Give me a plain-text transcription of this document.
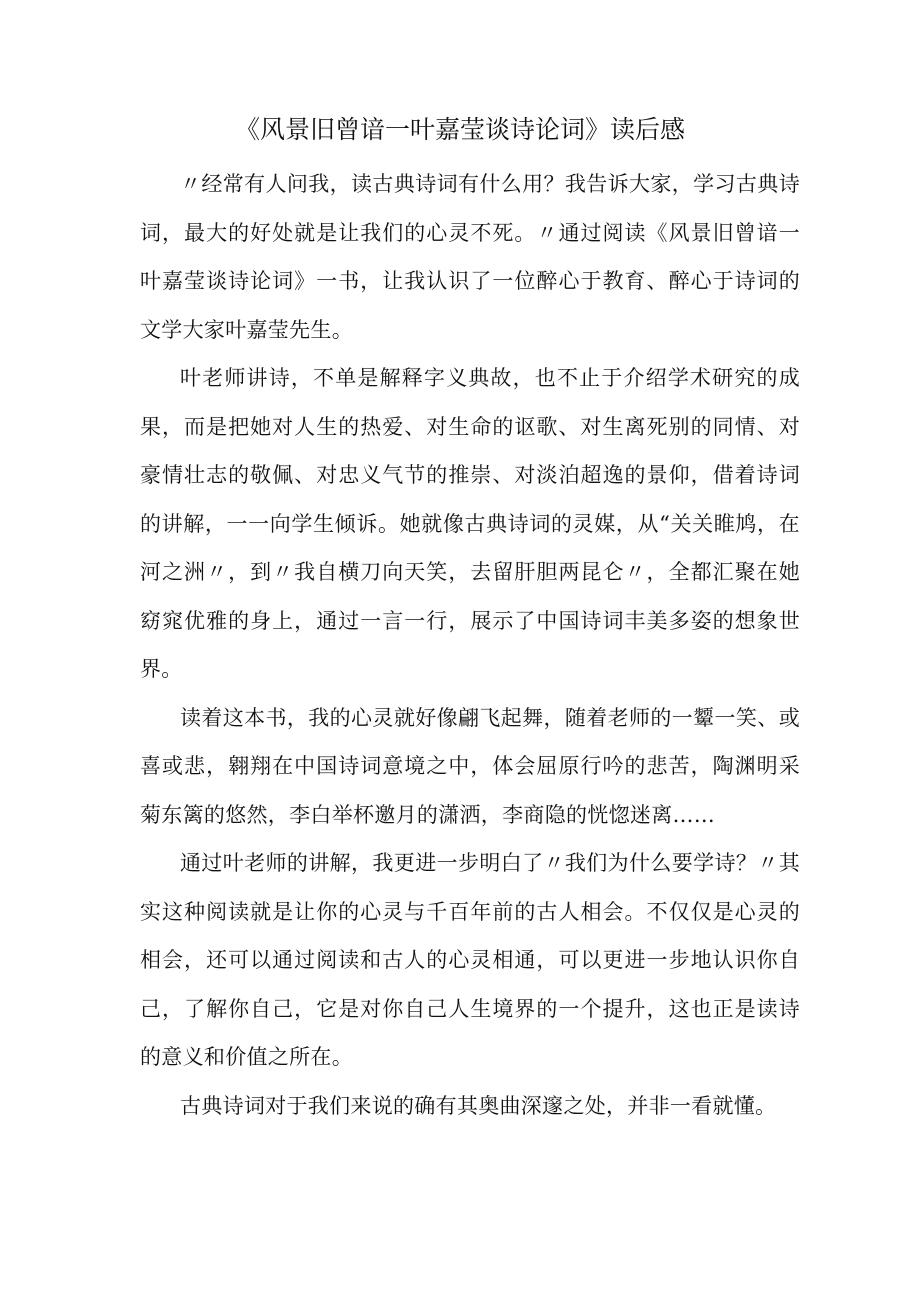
《风景旧曾谙一叶嘉莹谈诗论词》读后感

〃经常有人问我，读古典诗词有什么用？我告诉大家，学习古典诗词，最大的好处就是让我们的心灵不死。〃通过阅读《风景旧曾谙一叶嘉莹谈诗论词》一书，让我认识了一位醉心于教育、醉心于诗词的文学大家叶嘉莹先生。

叶老师讲诗，不单是解释字义典故，也不止于介绍学术研究的成果，而是把她对人生的热爱、对生命的讴歌、对生离死别的同情、对豪情壮志的敬佩、对忠义气节的推崇、对淡泊超逸的景仰，借着诗词的讲解，一一向学生倾诉。她就像古典诗词的灵媒，从“关关睢鸠，在河之洲〃，到〃我自横刀向天笑，去留肝胆两昆仑〃，全都汇聚在她窈窕优雅的身上，通过一言一行，展示了中国诗词丰美多姿的想象世界。

读着这本书，我的心灵就好像翩飞起舞，随着老师的一颦一笑、或喜或悲，翱翔在中国诗词意境之中，体会屈原行吟的悲苦，陶渊明采菊东篱的悠然，李白举杯邀月的潇洒，李商隐的恍惚迷离……

通过叶老师的讲解，我更进一步明白了〃我们为什么要学诗？〃其实这种阅读就是让你的心灵与千百年前的古人相会。不仅仅是心灵的相会，还可以通过阅读和古人的心灵相通，可以更进一步地认识你自己，了解你自己，它是对你自己人生境界的一个提升，这也正是读诗的意义和价值之所在。

古典诗词对于我们来说的确有其奥曲深邃之处，并非一看就懂。
